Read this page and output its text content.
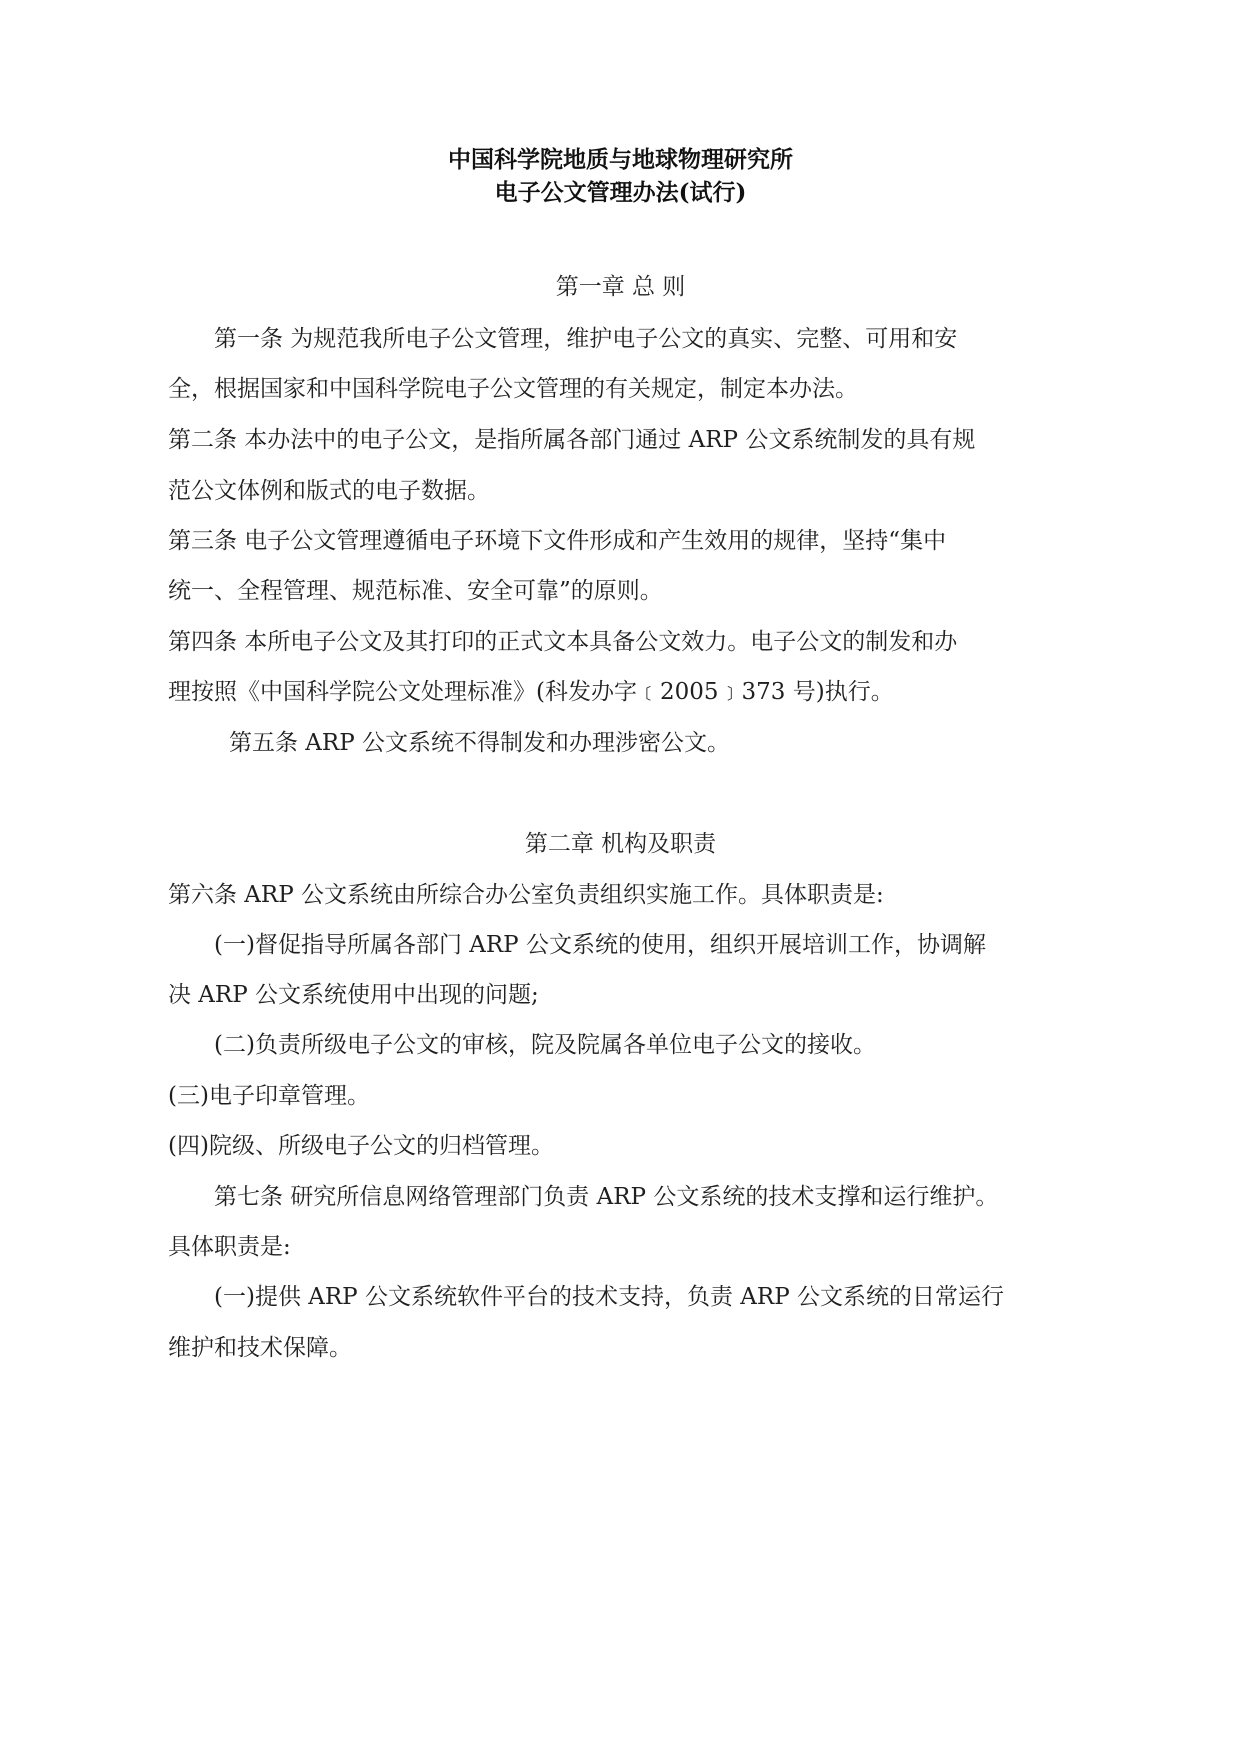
中国科学院地质与地球物理研究所
电子公文管理办法(试行)
第一章 总 则
第一条 为规范我所电子公文管理，维护电子公文的真实、完整、可用和安
全，根据国家和中国科学院电子公文管理的有关规定，制定本办法。
第二条 本办法中的电子公文，是指所属各部门通过 ARP 公文系统制发的具有规
范公文体例和版式的电子数据。
第三条 电子公文管理遵循电子环境下文件形成和产生效用的规律，坚持“集中
统一、全程管理、规范标准、安全可靠”的原则。
第四条 本所电子公文及其打印的正式文本具备公文效力。电子公文的制发和办
理按照《中国科学院公文处理标准》(科发办字﹝2005﹞373 号)执行。
第五条 ARP 公文系统不得制发和办理涉密公文。
第二章 机构及职责
第六条 ARP 公文系统由所综合办公室负责组织实施工作。具体职责是:
(一)督促指导所属各部门 ARP 公文系统的使用，组织开展培训工作，协调解
决 ARP 公文系统使用中出现的问题;
(二)负责所级电子公文的审核，院及院属各单位电子公文的接收。
(三)电子印章管理。
(四)院级、所级电子公文的归档管理。
第七条 研究所信息网络管理部门负责 ARP 公文系统的技术支撑和运行维护。
具体职责是:
(一)提供 ARP 公文系统软件平台的技术支持，负责 ARP 公文系统的日常运行
维护和技术保障。
